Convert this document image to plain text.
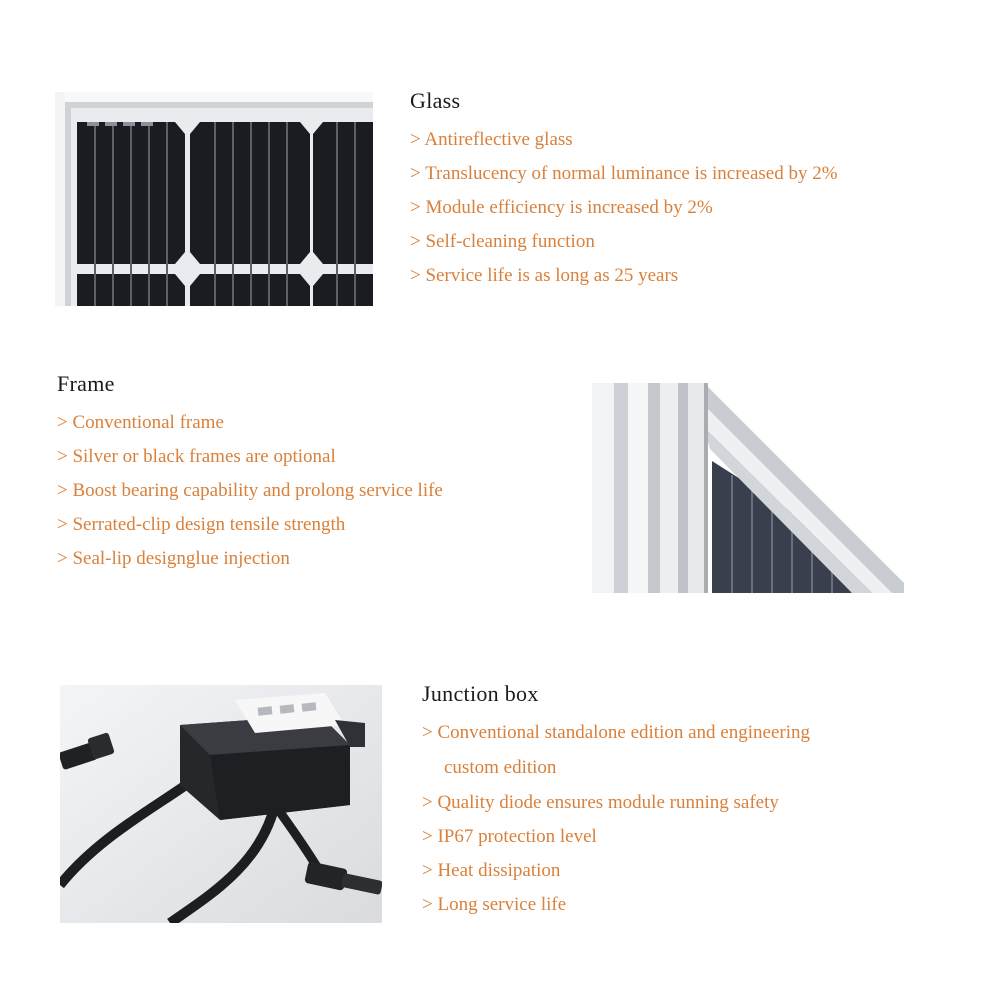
Glass
> Antireflective glass
> Translucency of normal luminance is increased by 2%
> Module efficiency is increased by 2%
> Self-cleaning function
> Service life is as long as 25 years
Frame
> Conventional frame
> Silver or black frames are optional
> Boost bearing capability and prolong service life
> Serrated-clip design tensile strength
> Seal-lip designglue injection
Junction box
> Conventional standalone edition and engineering
custom edition
> Quality diode ensures module running safety
> IP67 protection level
> Heat dissipation
> Long service life
